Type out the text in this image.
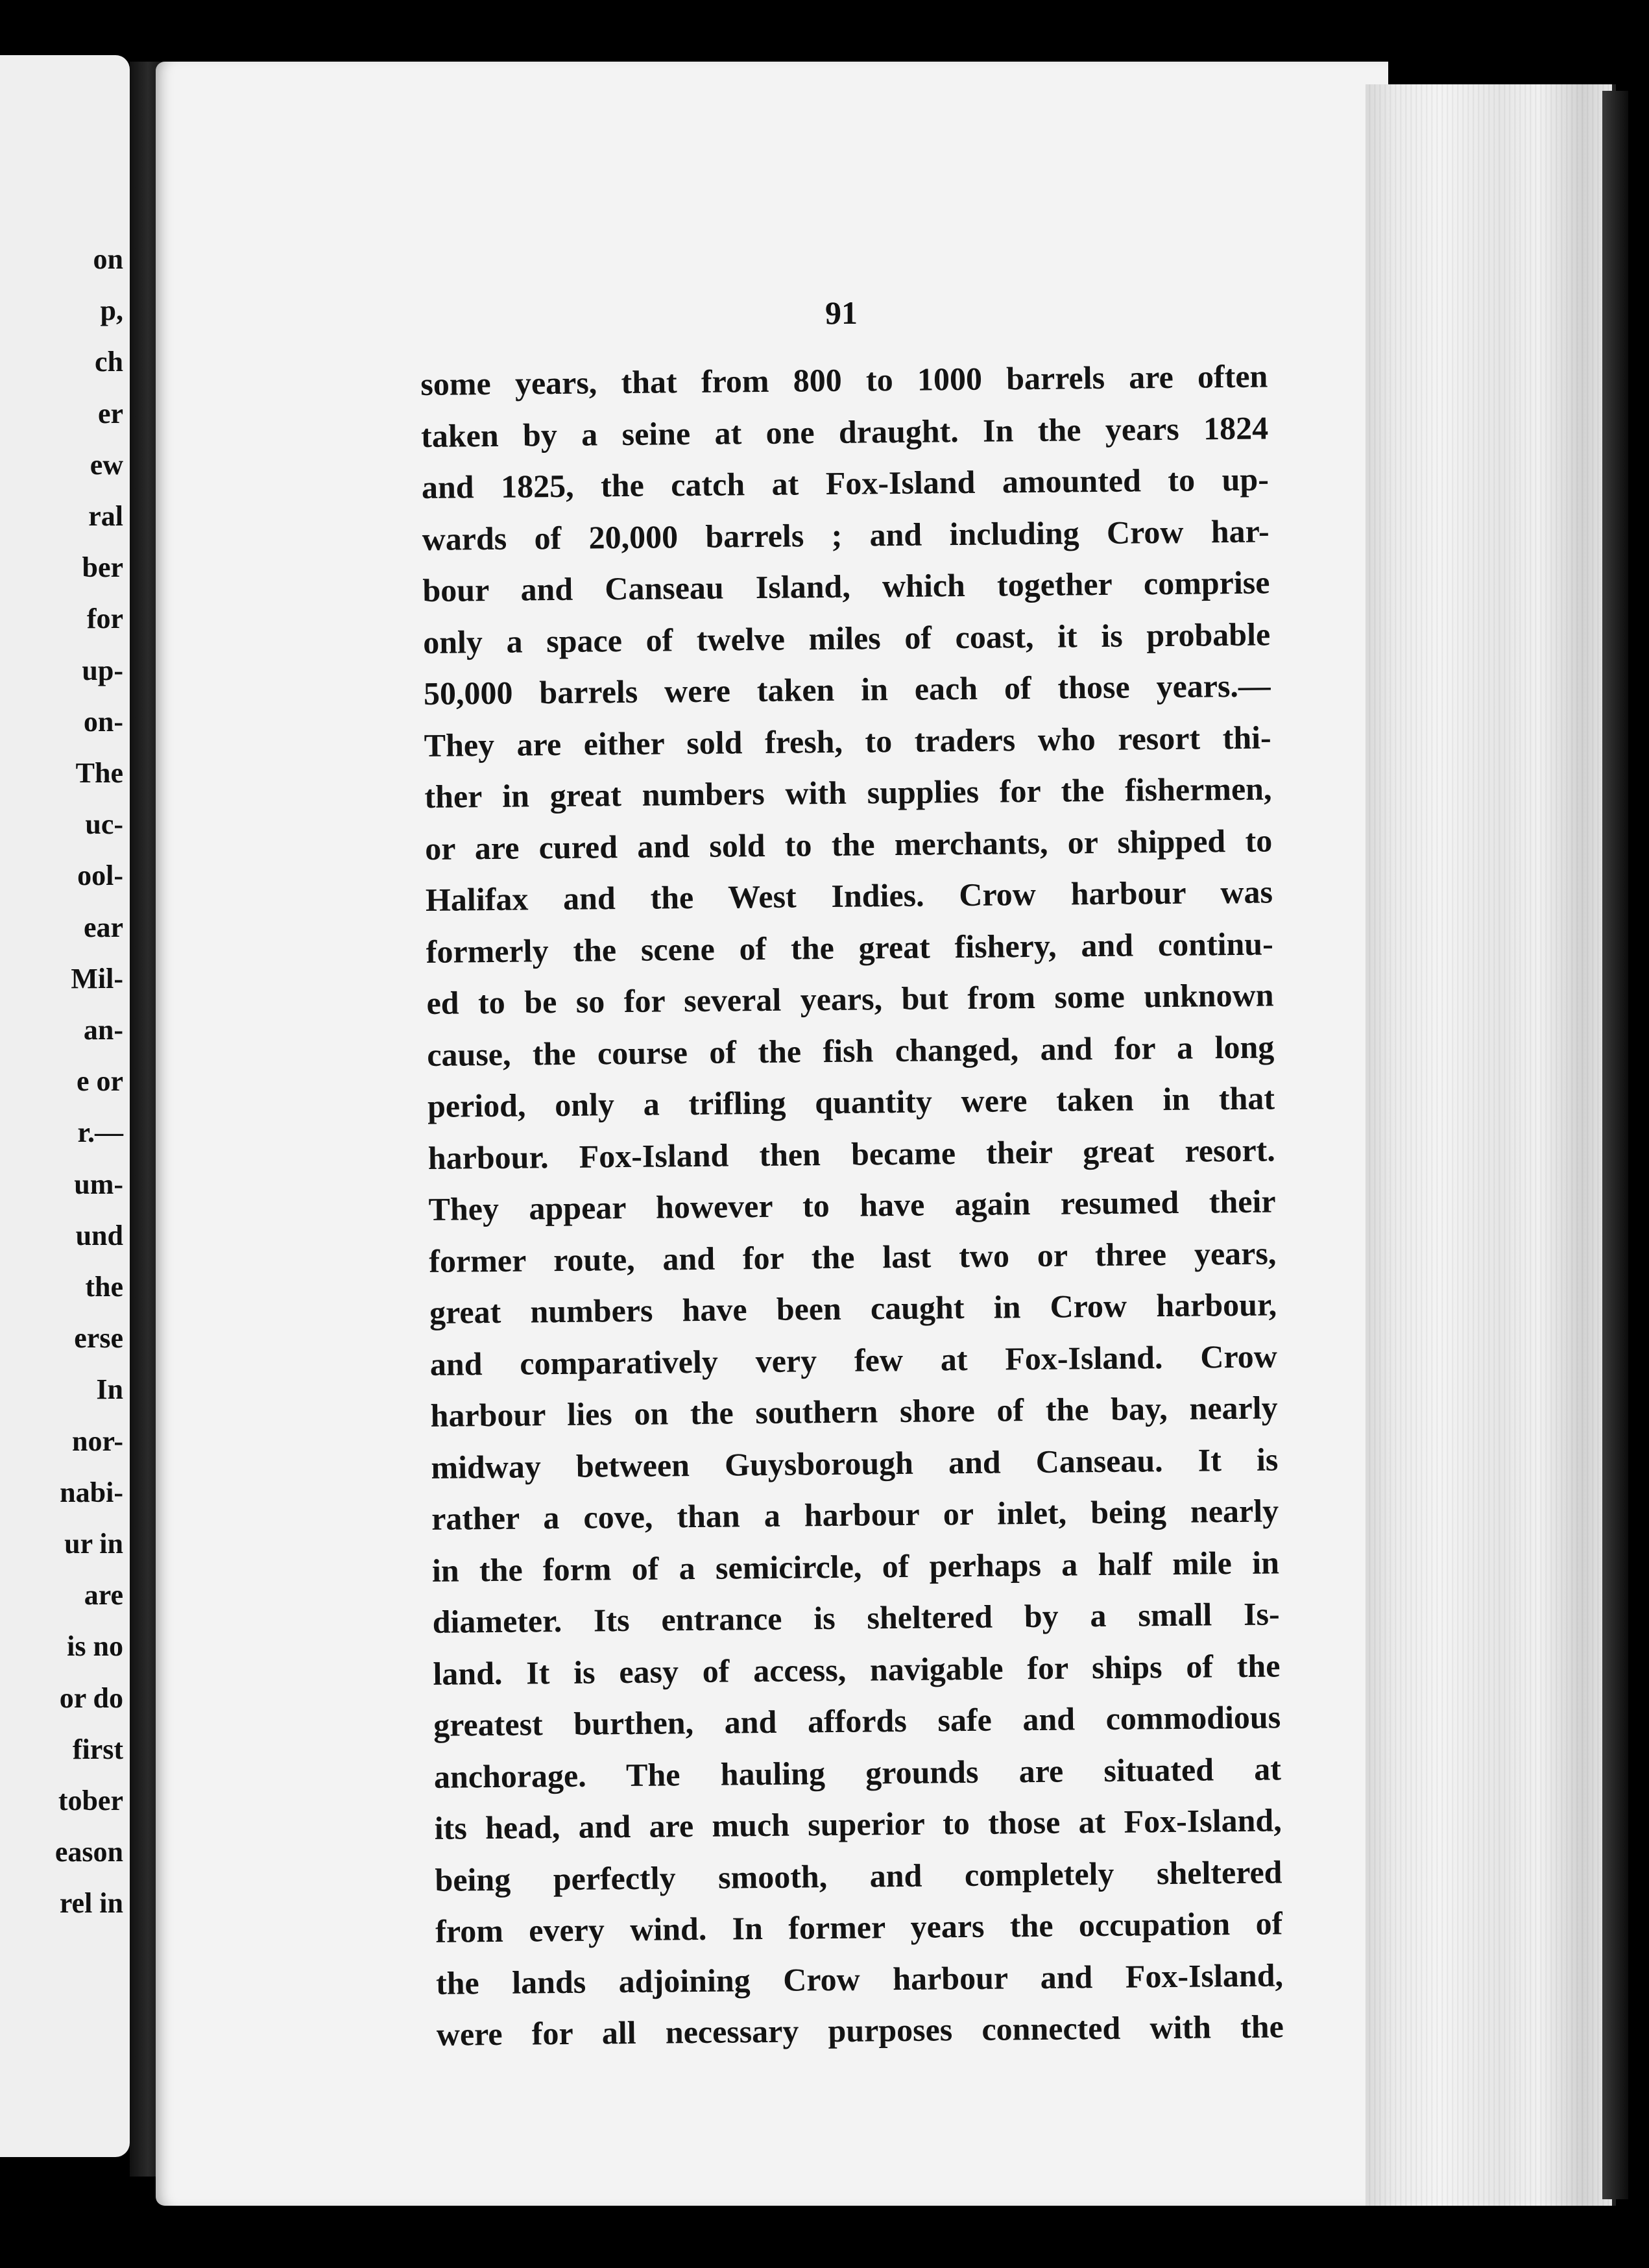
on

p,

ch

er

ew

ral

ber

for

up-

on-

The

uc-

ool-

ear

Mil-

an-

e or

r.—

um-

und

the

erse

In

nor-

nabi-

ur in

are

is no

or do

first

tober

eason

rel in

91

some years, that from 800 to 1000 barrels are often
taken by a seine at one draught. In the years 1824
and 1825, the catch at Fox-Island amounted to up-
wards of 20,000 barrels ; and including Crow har-
bour and Canseau Island, which together comprise
only a space of twelve miles of coast, it is probable
50,000 barrels were taken in each of those years.—
They are either sold fresh, to traders who resort thi-
ther in great numbers with supplies for the fishermen,
or are cured and sold to the merchants, or shipped to
Halifax and the West Indies. Crow harbour was
formerly the scene of the great fishery, and continu-
ed to be so for several years, but from some unknown
cause, the course of the fish changed, and for a long
period, only a trifling quantity were taken in that
harbour. Fox-Island then became their great resort.
They appear however to have again resumed their
former route, and for the last two or three years,
great numbers have been caught in Crow harbour,
and comparatively very few at Fox-Island. Crow
harbour lies on the southern shore of the bay, nearly
midway between Guysborough and Canseau. It is
rather a cove, than a harbour or inlet, being nearly
in the form of a semicircle, of perhaps a half mile in
diameter. Its entrance is sheltered by a small Is-
land. It is easy of access, navigable for ships of the
greatest burthen, and affords safe and commodious
anchorage. The hauling grounds are situated at
its head, and are much superior to those at Fox-Island,
being perfectly smooth, and completely sheltered
from every wind. In former years the occupation of
the lands adjoining Crow harbour and Fox-Island,
were for all necessary purposes connected with the
